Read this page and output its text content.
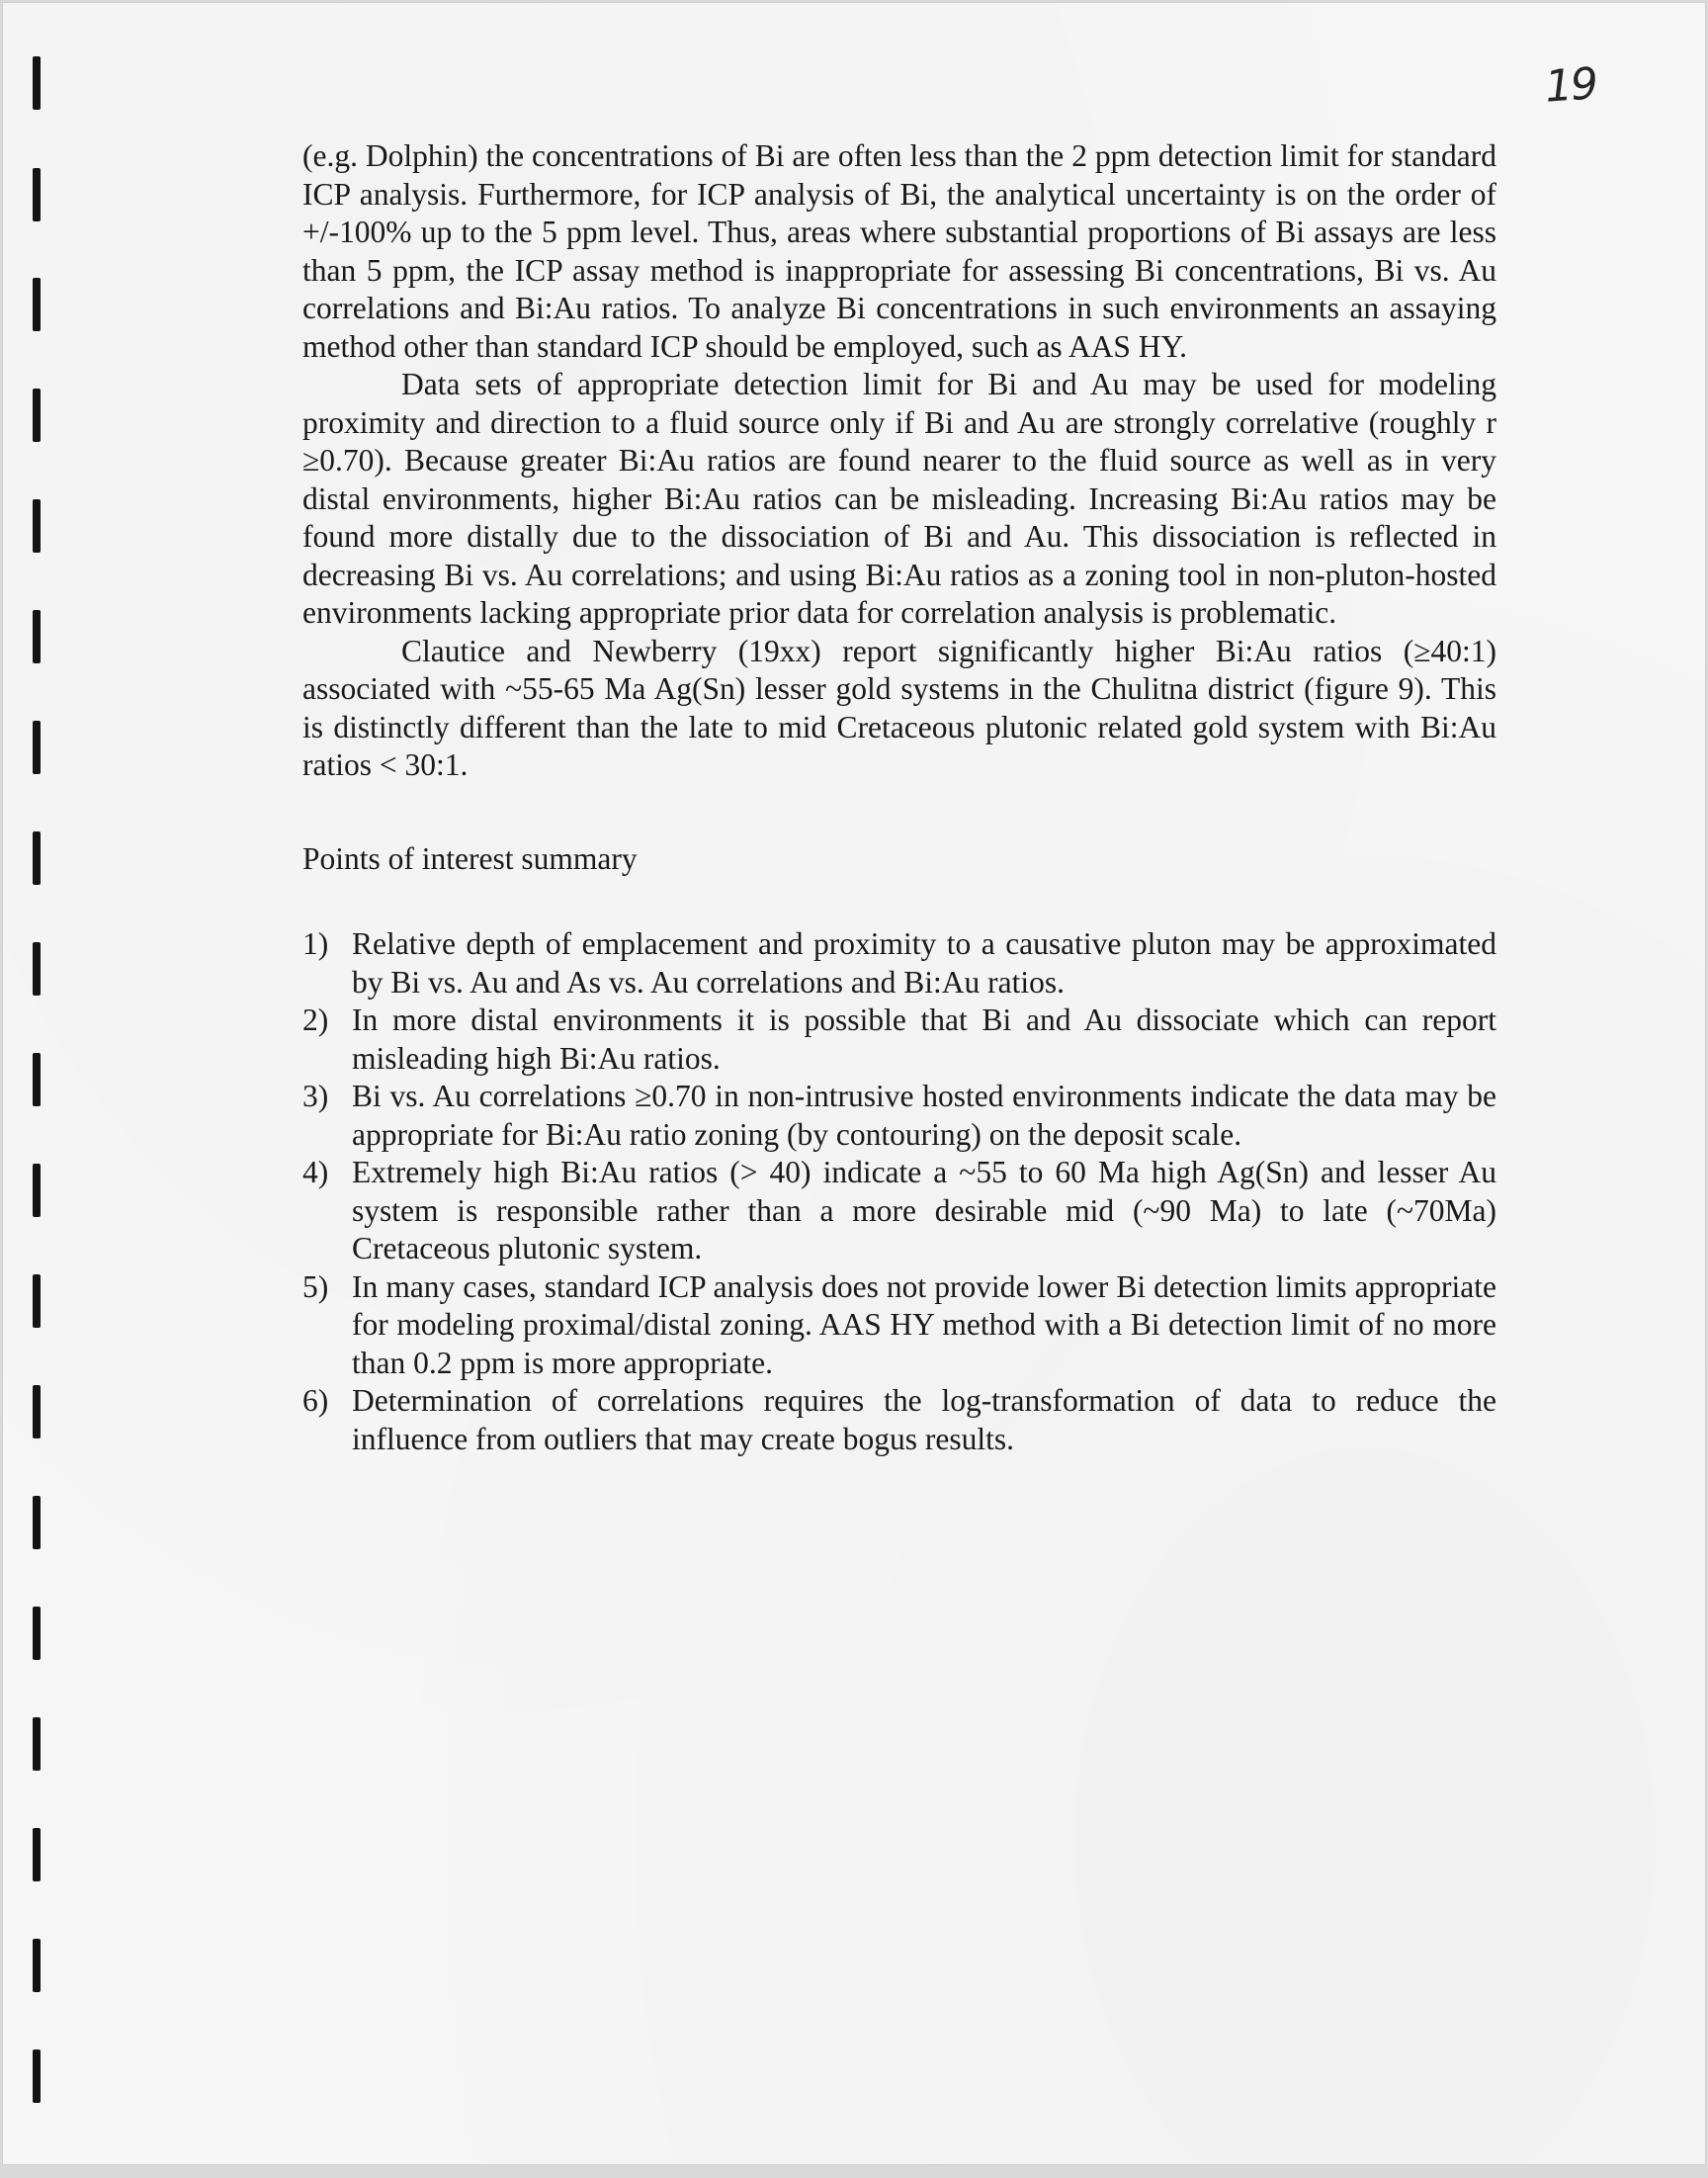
19

(e.g. Dolphin) the concentrations of Bi are often less than the 2 ppm detection limit for standard ICP analysis. Furthermore, for ICP analysis of Bi, the analytical uncertainty is on the order of +/-100% up to the 5 ppm level. Thus, areas where substantial proportions of Bi assays are less than 5 ppm, the ICP assay method is inappropriate for assessing Bi concentrations, Bi vs. Au correlations and Bi:Au ratios. To analyze Bi concentrations in such environments an assaying method other than standard ICP should be employed, such as AAS HY.

Data sets of appropriate detection limit for Bi and Au may be used for modeling proximity and direction to a fluid source only if Bi and Au are strongly correlative (roughly r ≥0.70). Because greater Bi:Au ratios are found nearer to the fluid source as well as in very distal environments, higher Bi:Au ratios can be misleading. Increasing Bi:Au ratios may be found more distally due to the dissociation of Bi and Au. This dissociation is reflected in decreasing Bi vs. Au correlations; and using Bi:Au ratios as a zoning tool in non-pluton-hosted environments lacking appropriate prior data for correlation analysis is problematic.

Clautice and Newberry (19xx) report significantly higher Bi:Au ratios (≥40:1) associated with ~55-65 Ma Ag(Sn) lesser gold systems in the Chulitna district (figure 9). This is distinctly different than the late to mid Cretaceous plutonic related gold system with Bi:Au ratios < 30:1.

Points of interest summary
1) Relative depth of emplacement and proximity to a causative pluton may be approximated by Bi vs. Au and As vs. Au correlations and Bi:Au ratios.
2) In more distal environments it is possible that Bi and Au dissociate which can report misleading high Bi:Au ratios.
3) Bi vs. Au correlations ≥0.70 in non-intrusive hosted environments indicate the data may be appropriate for Bi:Au ratio zoning (by contouring) on the deposit scale.
4) Extremely high Bi:Au ratios (> 40) indicate a ~55 to 60 Ma high Ag(Sn) and lesser Au system is responsible rather than a more desirable mid (~90 Ma) to late (~70Ma) Cretaceous plutonic system.
5) In many cases, standard ICP analysis does not provide lower Bi detection limits appropriate for modeling proximal/distal zoning. AAS HY method with a Bi detection limit of no more than 0.2 ppm is more appropriate.
6) Determination of correlations requires the log-transformation of data to reduce the influence from outliers that may create bogus results.
